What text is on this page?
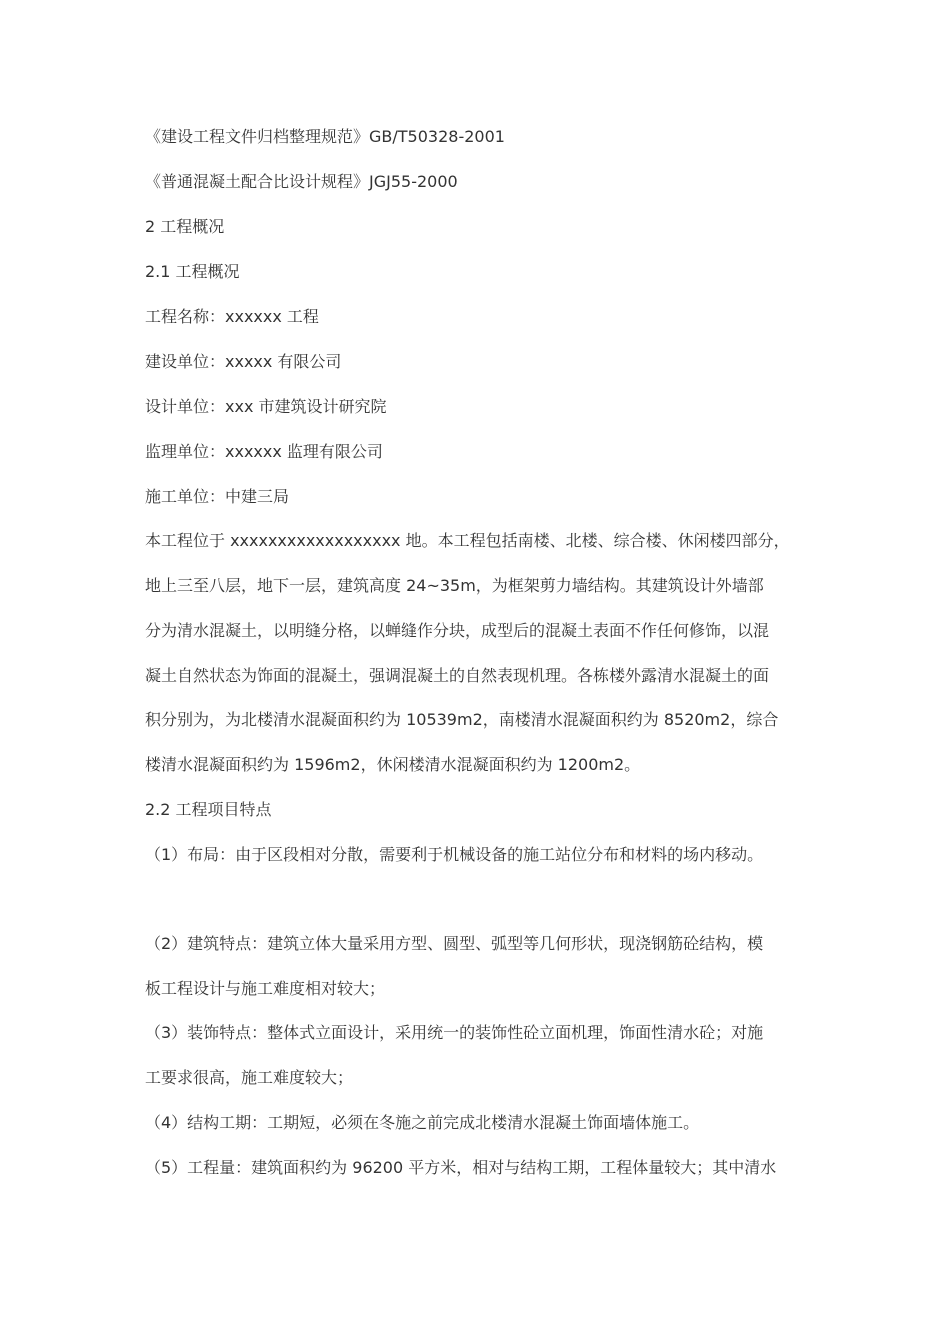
《建设工程文件归档整理规范》GB/T50328-2001
《普通混凝土配合比设计规程》JGJ55-2000
2 工程概况
2.1 工程概况
工程名称：xxxxxx 工程
建设单位：xxxxx 有限公司
设计单位：xxx 市建筑设计研究院
监理单位：xxxxxx 监理有限公司
施工单位：中建三局
本工程位于 xxxxxxxxxxxxxxxxxx 地。本工程包括南楼、北楼、综合楼、休闲楼四部分，
地上三至八层，地下一层，建筑高度 24~35m，为框架剪力墙结构。其建筑设计外墙部
分为清水混凝土，以明缝分格，以蝉缝作分块，成型后的混凝土表面不作任何修饰，以混
凝土自然状态为饰面的混凝土，强调混凝土的自然表现机理。各栋楼外露清水混凝土的面
积分别为，为北楼清水混凝面积约为 10539m2，南楼清水混凝面积约为 8520m2，综合
楼清水混凝面积约为 1596m2，休闲楼清水混凝面积约为 1200m2。
2.2 工程项目特点
（1）布局：由于区段相对分散，需要利于机械设备的施工站位分布和材料的场内移动。
（2）建筑特点：建筑立体大量采用方型、圆型、弧型等几何形状，现浇钢筋砼结构，模
板工程设计与施工难度相对较大；
（3）装饰特点：整体式立面设计，采用统一的装饰性砼立面机理，饰面性清水砼；对施
工要求很高，施工难度较大；
（4）结构工期：工期短，必须在冬施之前完成北楼清水混凝土饰面墙体施工。
（5）工程量：建筑面积约为 96200 平方米，相对与结构工期，工程体量较大；其中清水
